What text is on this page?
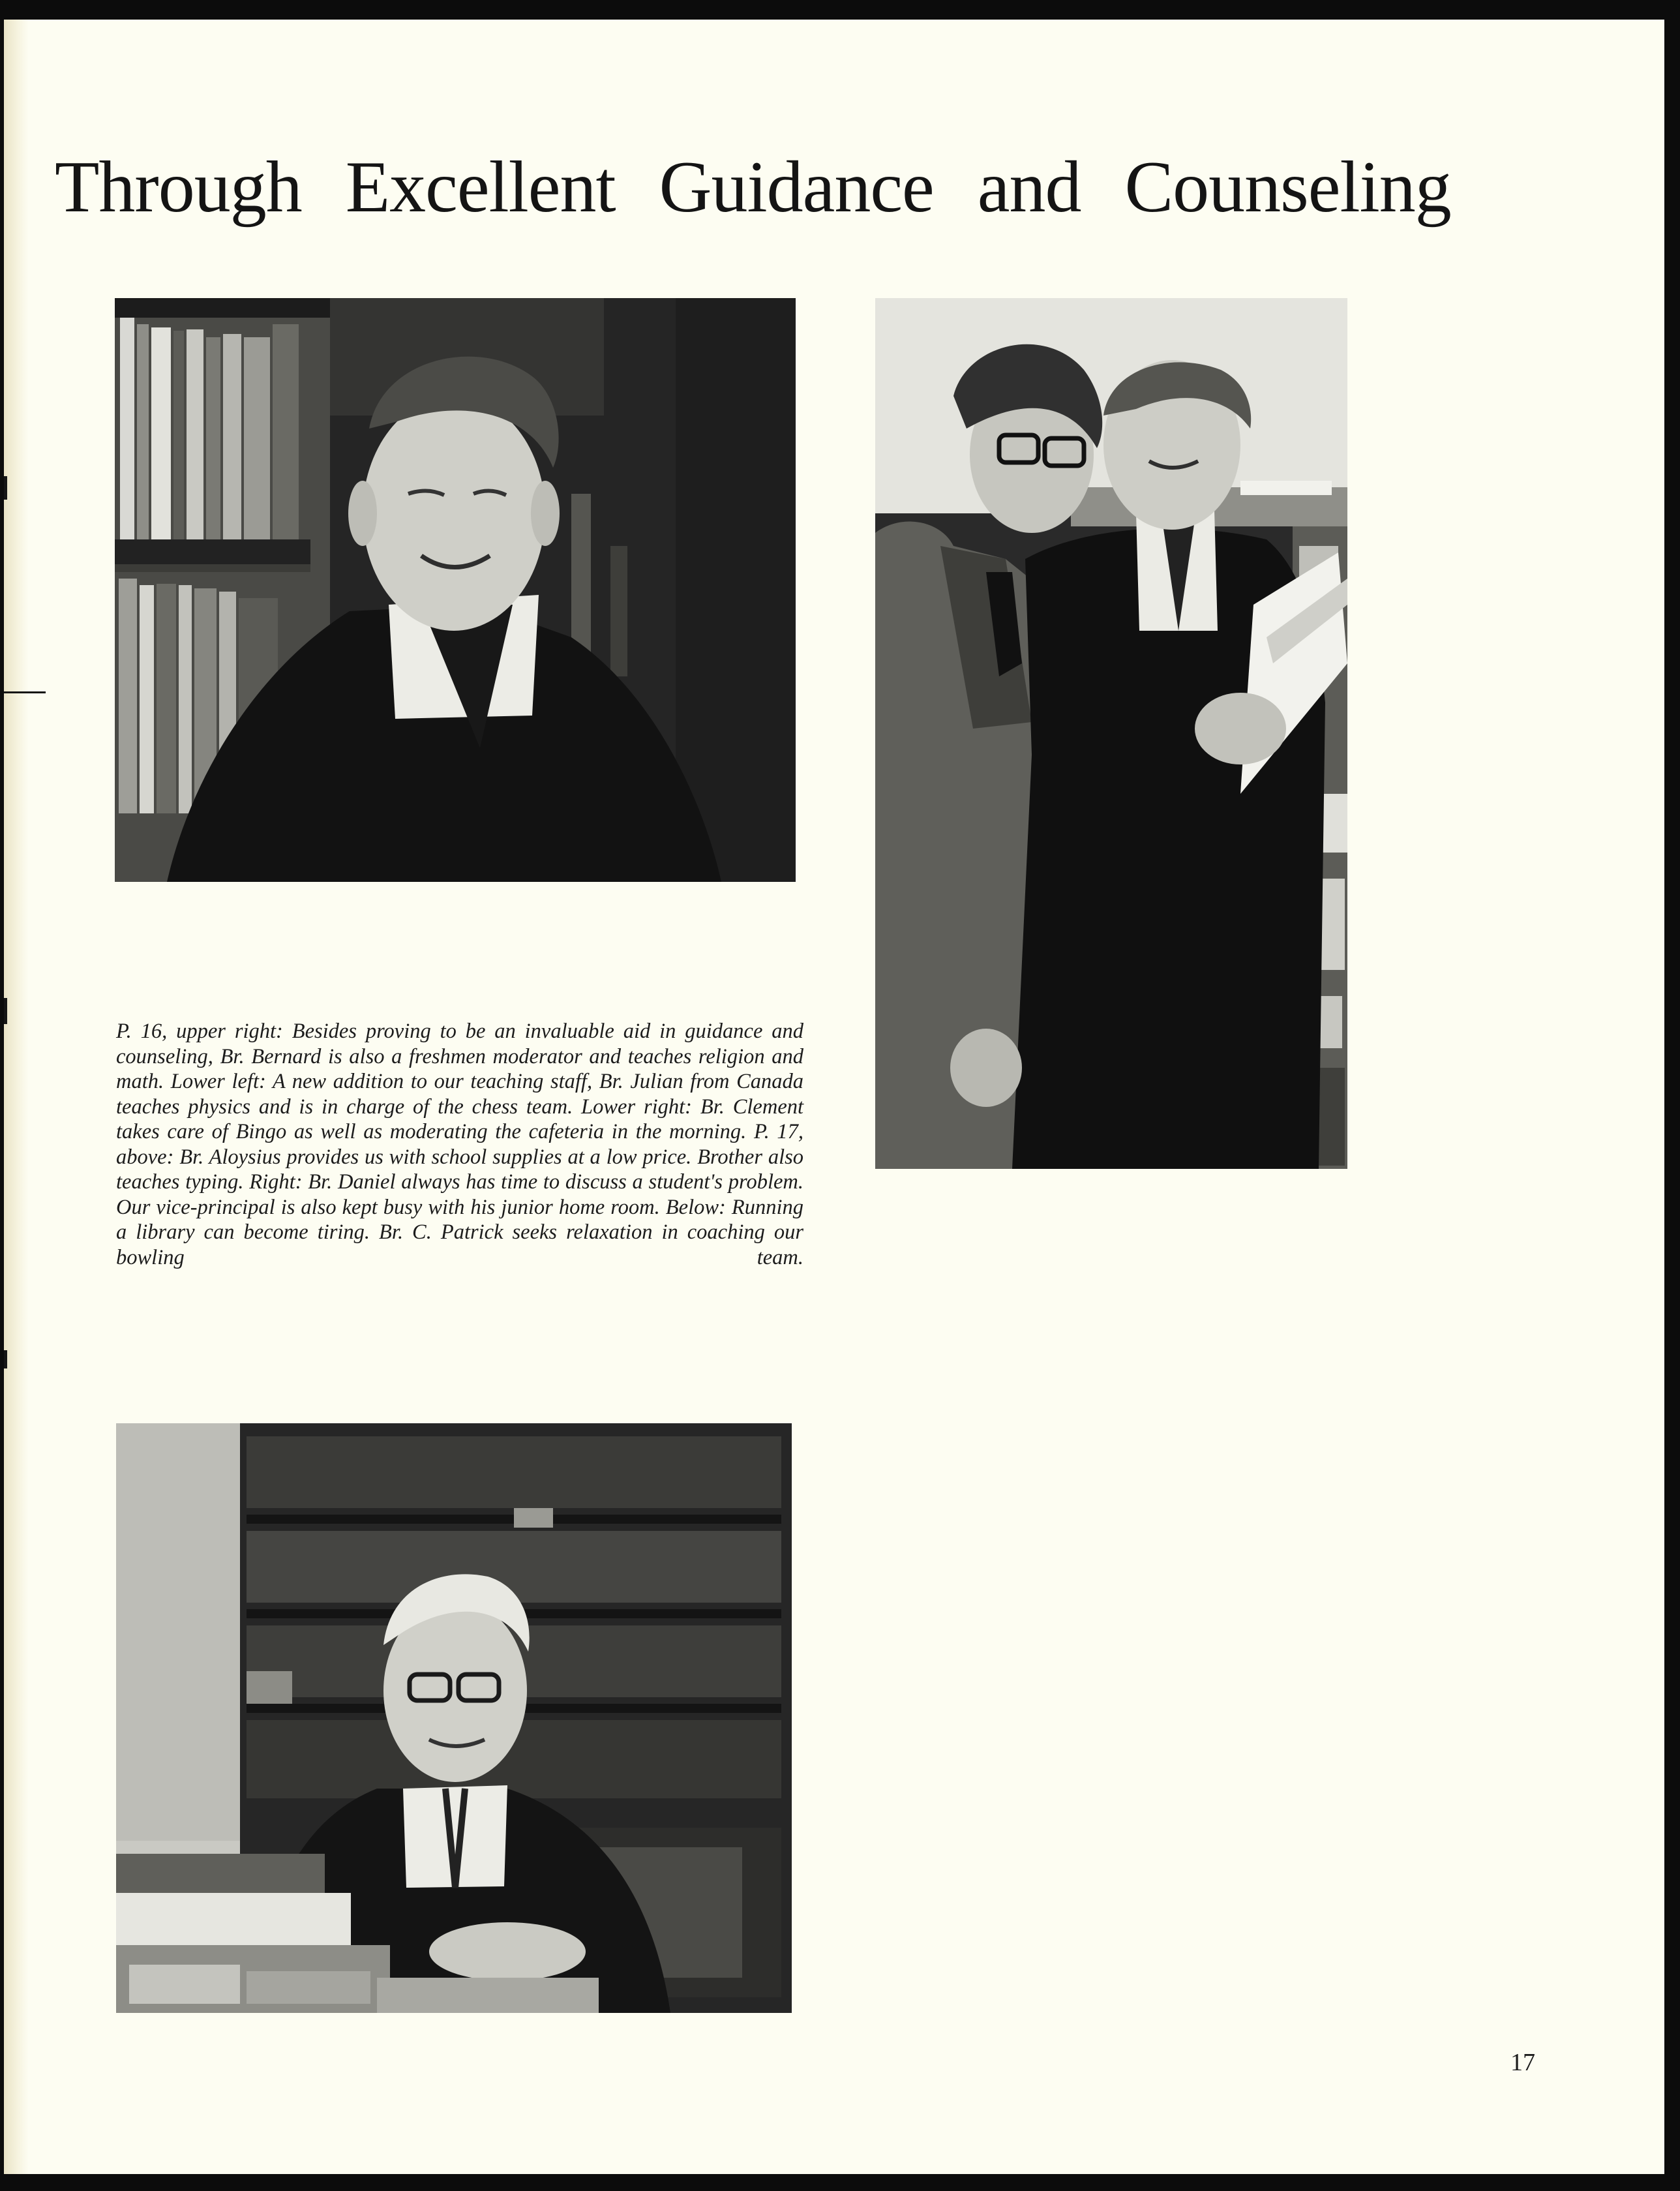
Through Excellent Guidance and Counseling

P. 16, upper right: Besides proving to be an invaluable aid in guidance and counseling, Br. Bernard is also a freshmen moderator and teaches religion and math. Lower left: A new addition to our teaching staff, Br. Julian from Canada teaches physics and is in charge of the chess team. Lower right: Br. Clement takes care of Bingo as well as moderating the cafeteria in the morning. P. 17, above: Br. Aloysius provides us with school supplies at a low price. Brother also teaches typing. Right: Br. Daniel always has time to discuss a student's problem. Our vice-principal is also kept busy with his junior home room. Below: Running a library can become tiring. Br. C. Patrick seeks relaxation in coaching our bowling team.

17
